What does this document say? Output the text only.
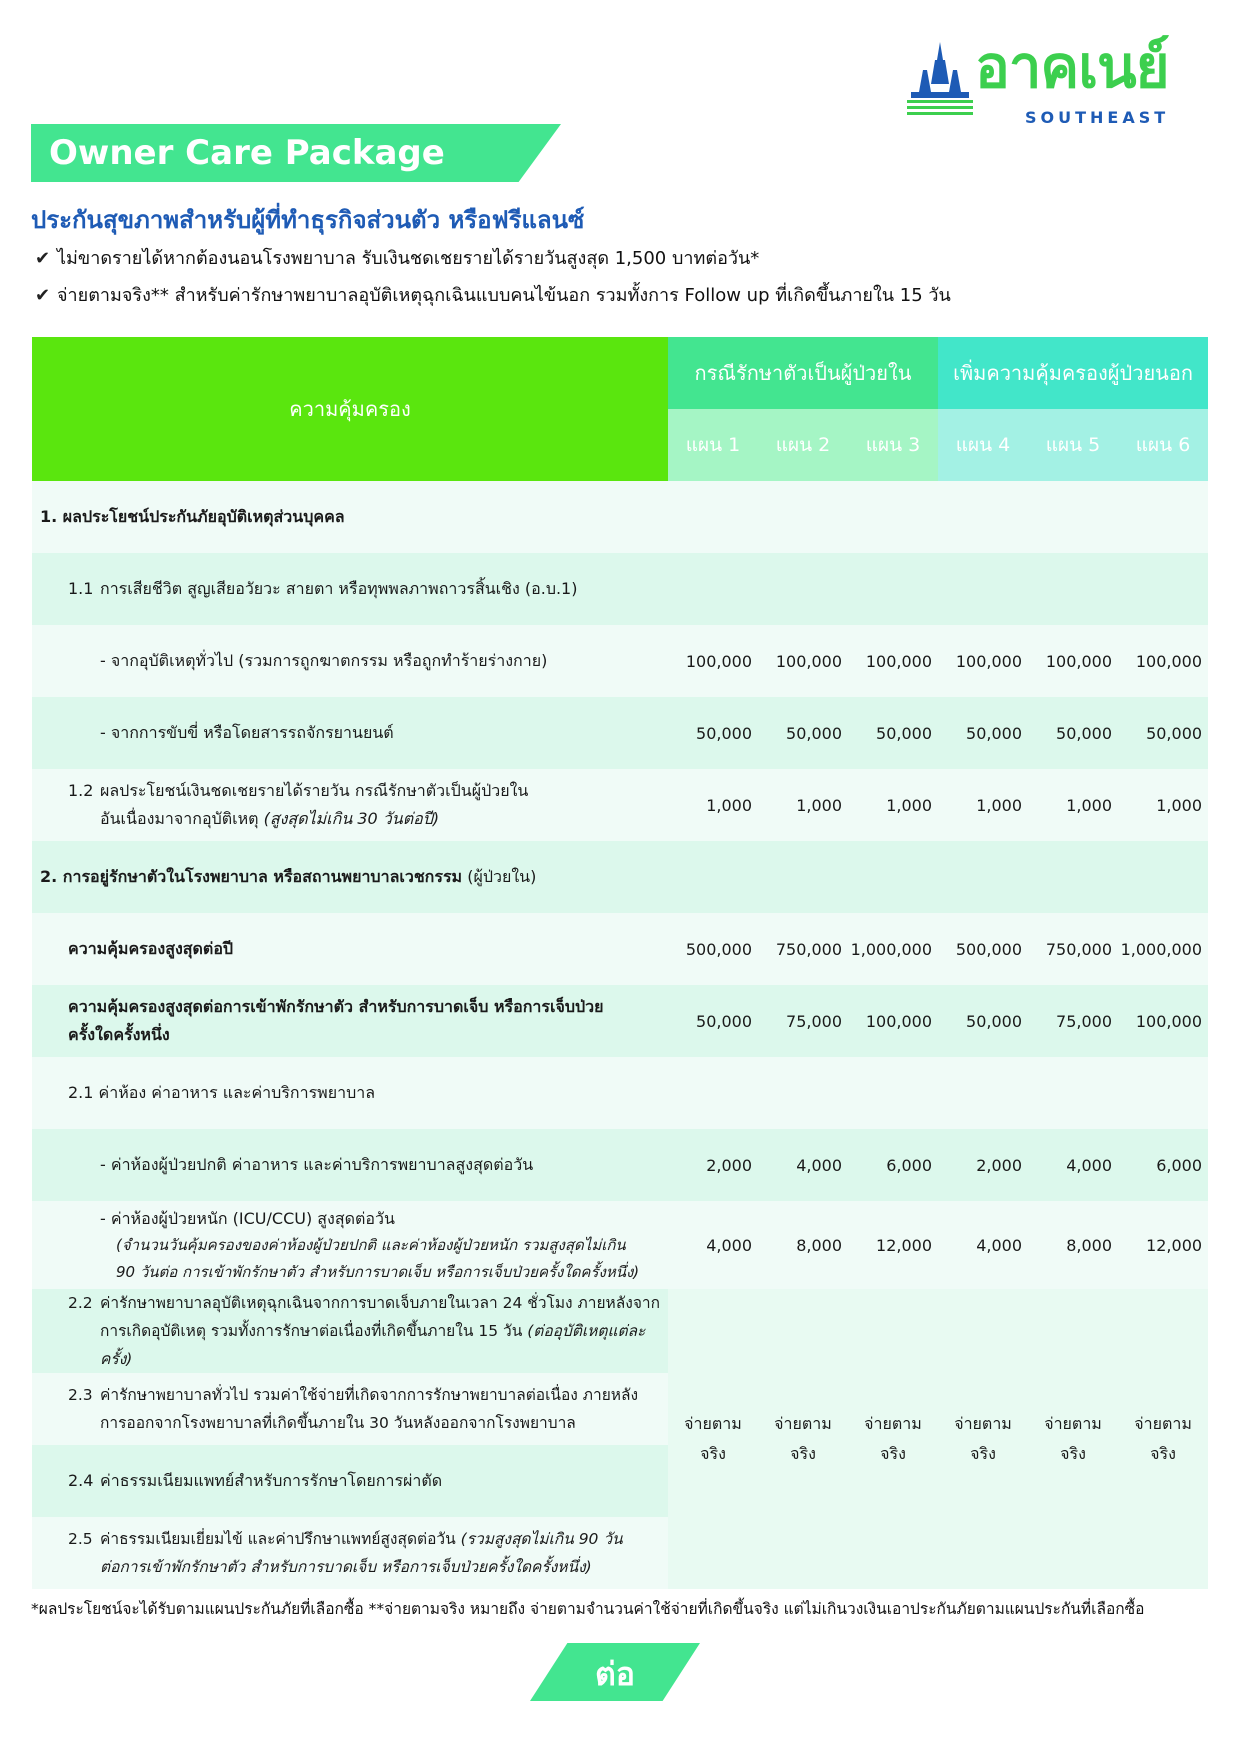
อาคเนย์
SOUTHEAST
Owner Care Package
ประกันสุขภาพสำหรับผู้ที่ทำธุรกิจส่วนตัว หรือฟรีแลนซ์
✔ ไม่ขาดรายได้หากต้องนอนโรงพยาบาล รับเงินชดเชยรายได้รายวันสูงสุด 1,500 บาทต่อวัน*
✔ จ่ายตามจริง** สำหรับค่ารักษาพยาบาลอุบัติเหตุฉุกเฉินแบบคนไข้นอก รวมทั้งการ Follow up ที่เกิดขึ้นภายใน 15 วัน
ความคุ้มครอง	กรณีรักษาตัวเป็นผู้ป่วยใน			เพิ่มความคุ้มครองผู้ป่วยนอก		
	แผน 1	แผน 2	แผน 3	แผน 4	แผน 5	แผน 6
1. ผลประโยชน์ประกันภัยอุบัติเหตุส่วนบุคคล						

1.1 การเสียชีวิต สูญเสียอวัยวะ สายตา หรือทุพพลภาพถาวรสิ้นเชิง (อ.บ.1)						

- จากอุบัติเหตุทั่วไป (รวมการถูกฆาตกรรม หรือถูกทำร้ายร่างกาย)	100,000	100,000	100,000	100,000	100,000	100,000

- จากการขับขี่ หรือโดยสารรถจักรยานยนต์	50,000	50,000	50,000	50,000	50,000	50,000

1.2 ผลประโยชน์เงินชดเชยรายได้รายวัน กรณีรักษาตัวเป็นผู้ป่วยใน
อันเนื่องมาจากอุบัติเหตุ (สูงสุดไม่เกิน 30 วันต่อปี)	1,000	1,000	1,000	1,000	1,000	1,000
2. การอยู่รักษาตัวในโรงพยาบาล หรือสถานพยาบาลเวชกรรม (ผู้ป่วยใน)						

ความคุ้มครองสูงสุดต่อปี	500,000	750,000	1,000,000	500,000	750,000	1,000,000

ความคุ้มครองสูงสุดต่อการเข้าพักรักษาตัว สำหรับการบาดเจ็บ หรือการเจ็บป่วย
ครั้งใดครั้งหนึ่ง	50,000	75,000	100,000	50,000	75,000	100,000

2.1 ค่าห้อง ค่าอาหาร และค่าบริการพยาบาล						

- ค่าห้องผู้ป่วยปกติ ค่าอาหาร และค่าบริการพยาบาลสูงสุดต่อวัน	2,000	4,000	6,000	2,000	4,000	6,000

- ค่าห้องผู้ป่วยหนัก (ICU/CCU) สูงสุดต่อวัน
(จำนวนวันคุ้มครองของค่าห้องผู้ป่วยปกติ และค่าห้องผู้ป่วยหนัก รวมสูงสุดไม่เกิน
90 วันต่อ การเข้าพักรักษาตัว สำหรับการบาดเจ็บ หรือการเจ็บป่วยครั้งใดครั้งหนึ่ง)	4,000	8,000	12,000	4,000	8,000	12,000

2.2 ค่ารักษาพยาบาลอุบัติเหตุฉุกเฉินจากการบาดเจ็บภายในเวลา 24 ชั่วโมง ภายหลังจาก
การเกิดอุบัติเหตุ รวมทั้งการรักษาต่อเนื่องที่เกิดขึ้นภายใน 15 วัน (ต่ออุบัติเหตุแต่ละครั้ง)	จ่ายตาม
จริง	จ่ายตาม
จริง	จ่ายตาม
จริง	จ่ายตาม
จริง	จ่ายตาม
จริง	จ่ายตาม
จริง

2.3 ค่ารักษาพยาบาลทั่วไป รวมค่าใช้จ่ายที่เกิดจากการรักษาพยาบาลต่อเนื่อง ภายหลัง
การออกจากโรงพยาบาลที่เกิดขึ้นภายใน 30 วันหลังออกจากโรงพยาบาล						

2.4 ค่าธรรมเนียมแพทย์สำหรับการรักษาโดยการผ่าตัด						

2.5 ค่าธรรมเนียมเยี่ยมไข้ และค่าปรึกษาแพทย์สูงสุดต่อวัน (รวมสูงสุดไม่เกิน 90 วัน
ต่อการเข้าพักรักษาตัว สำหรับการบาดเจ็บ หรือการเจ็บป่วยครั้งใดครั้งหนึ่ง)						
*ผลประโยชน์จะได้รับตามแผนประกันภัยที่เลือกซื้อ **จ่ายตามจริง หมายถึง จ่ายตามจำนวนค่าใช้จ่ายที่เกิดขึ้นจริง แต่ไม่เกินวงเงินเอาประกันภัยตามแผนประกันที่เลือกซื้อ
ต่อ
